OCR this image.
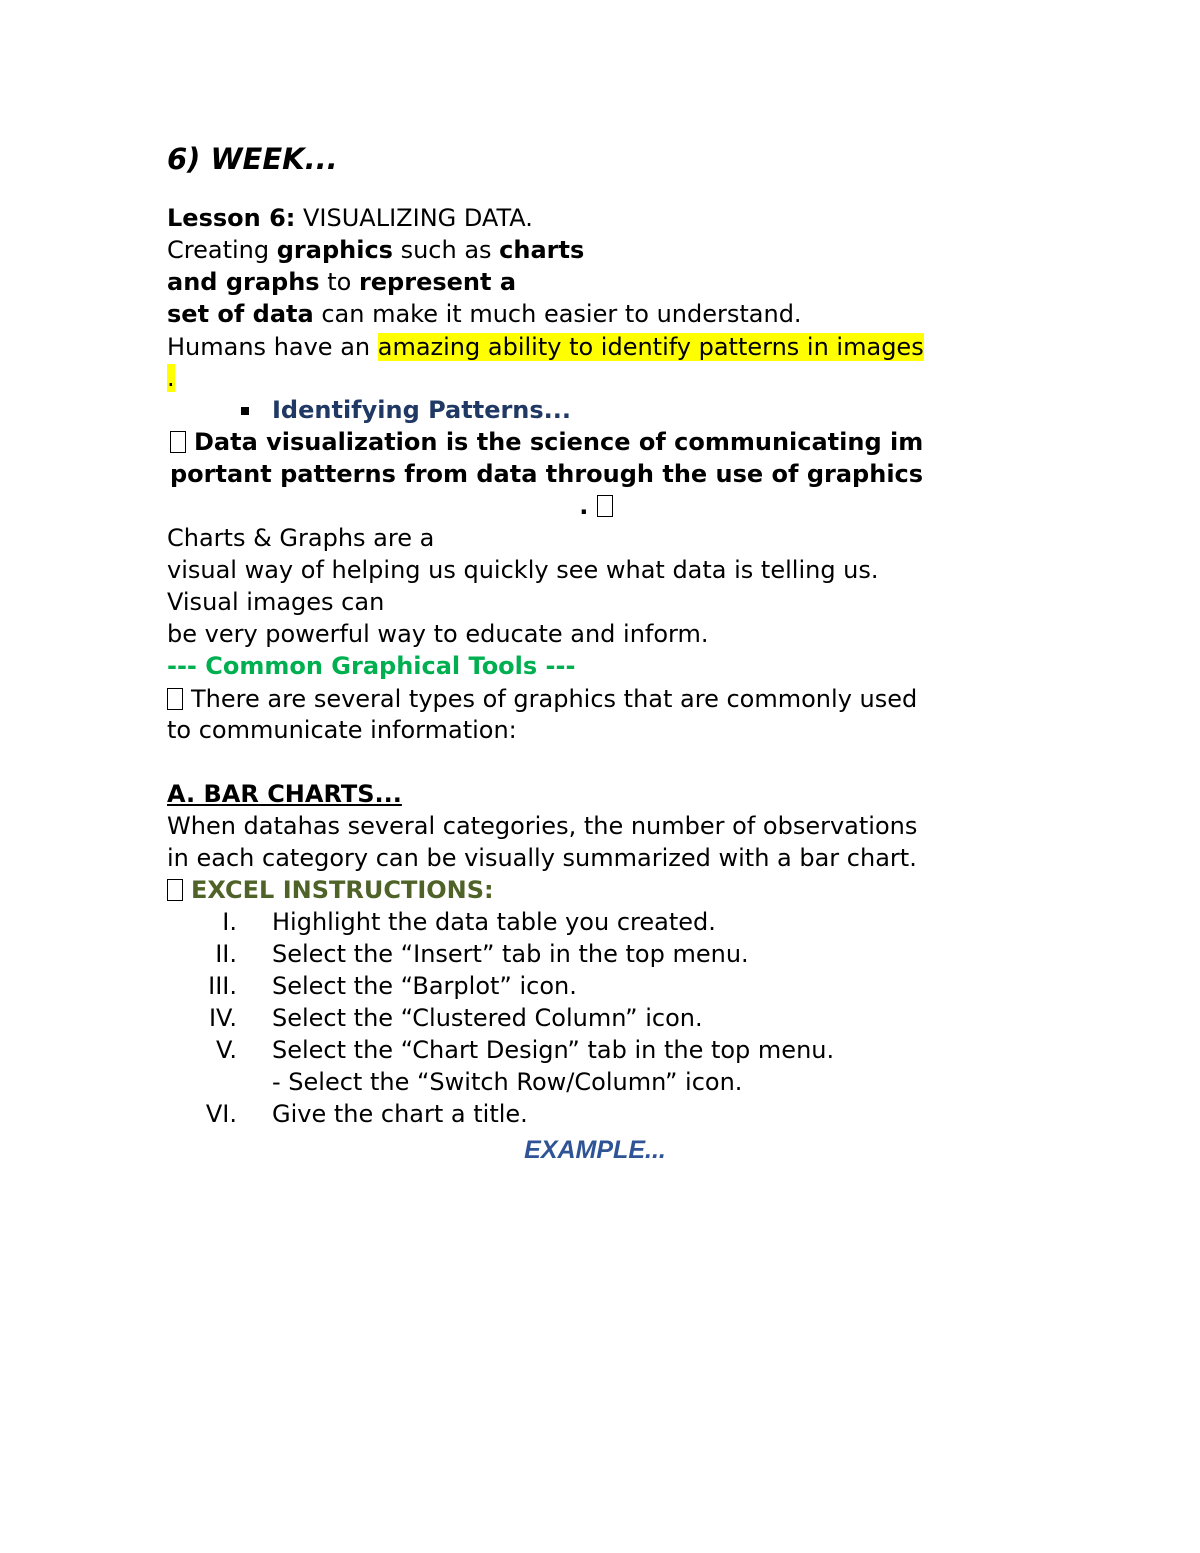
6) WEEK...
Lesson 6: VISUALIZING DATA.
Creating graphics such as charts
and graphs to represent a
set of data can make it much easier to understand.
Humans have an amazing ability to identify patterns in images
.
Identifying Patterns...
Data visualization is the science of communicating im
portant patterns from data through the use of graphics
.
Charts & Graphs are a
visual way of helping us quickly see what data is telling us.
Visual images can
be very powerful way to educate and inform.
--- Common Graphical Tools ---
There are several types of graphics that are commonly used
to communicate information:
A. BAR CHARTS...
When datahas several categories, the number of observations
in each category can be visually summarized with a bar chart.
EXCEL INSTRUCTIONS:
I. Highlight the data table you created.
II. Select the “Insert” tab in the top menu.
III. Select the “Barplot” icon.
IV. Select the “Clustered Column” icon.
V. Select the “Chart Design” tab in the top menu.
- Select the “Switch Row/Column” icon.
VI. Give the chart a title.
EXAMPLE...
